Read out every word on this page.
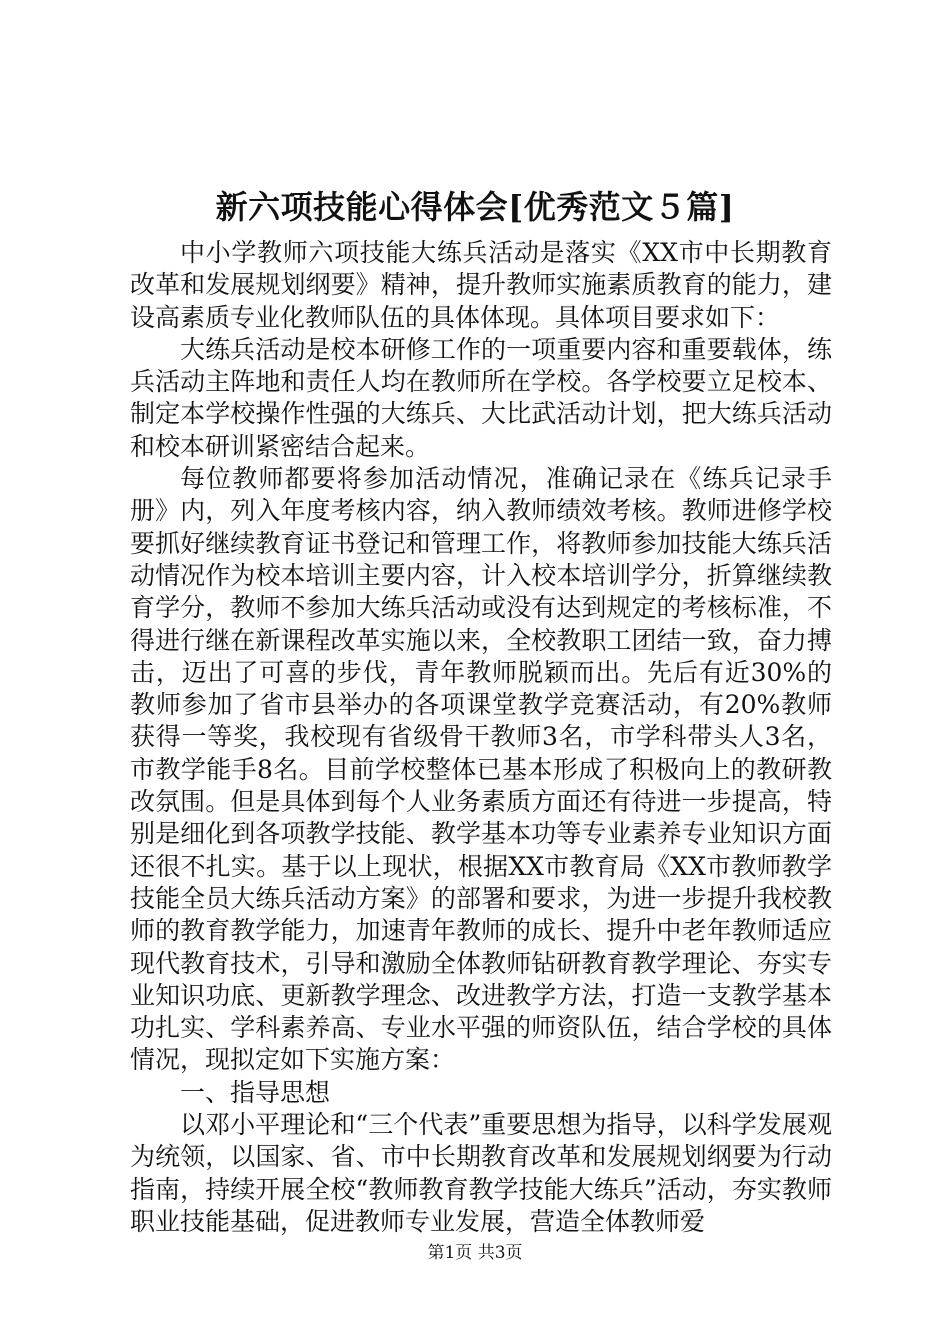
新六项技能心得体会[优秀范文５篇]

中小学教师六项技能大练兵活动是落实《XX市中长期教育改革和发展规划纲要》精神，提升教师实施素质教育的能力，建设高素质专业化教师队伍的具体体现。具体项目要求如下：

大练兵活动是校本研修工作的一项重要内容和重要载体，练兵活动主阵地和责任人均在教师所在学校。各学校要立足校本、制定本学校操作性强的大练兵、大比武活动计划，把大练兵活动和校本研训紧密结合起来。

每位教师都要将参加活动情况，准确记录在《练兵记录手册》内，列入年度考核内容，纳入教师绩效考核。教师进修学校要抓好继续教育证书登记和管理工作，将教师参加技能大练兵活动情况作为校本培训主要内容，计入校本培训学分，折算继续教育学分，教师不参加大练兵活动或没有达到规定的考核标准，不得进行继在新课程改革实施以来，全校教职工团结一致，奋力搏击，迈出了可喜的步伐，青年教师脱颖而出。先后有近30%的教师参加了省市县举办的各项课堂教学竞赛活动，有20%教师获得一等奖，我校现有省级骨干教师3名，市学科带头人3名，市教学能手8名。目前学校整体已基本形成了积极向上的教研教改氛围。但是具体到每个人业务素质方面还有待进一步提高，特别是细化到各项教学技能、教学基本功等专业素养专业知识方面还很不扎实。基于以上现状，根据XX市教育局《XX市教师教学技能全员大练兵活动方案》的部署和要求，为进一步提升我校教师的教育教学能力，加速青年教师的成长、提升中老年教师适应现代教育技术，引导和激励全体教师钻研教育教学理论、夯实专业知识功底、更新教学理念、改进教学方法，打造一支教学基本功扎实、学科素养高、专业水平强的师资队伍，结合学校的具体情况，现拟定如下实施方案：

一、指导思想

以邓小平理论和“三个代表”重要思想为指导，以科学发展观为统领，以国家、省、市中长期教育改革和发展规划纲要为行动指南，持续开展全校“教师教育教学技能大练兵”活动，夯实教师职业技能基础，促进教师专业发展，营造全体教师爱

第1页 共3页
